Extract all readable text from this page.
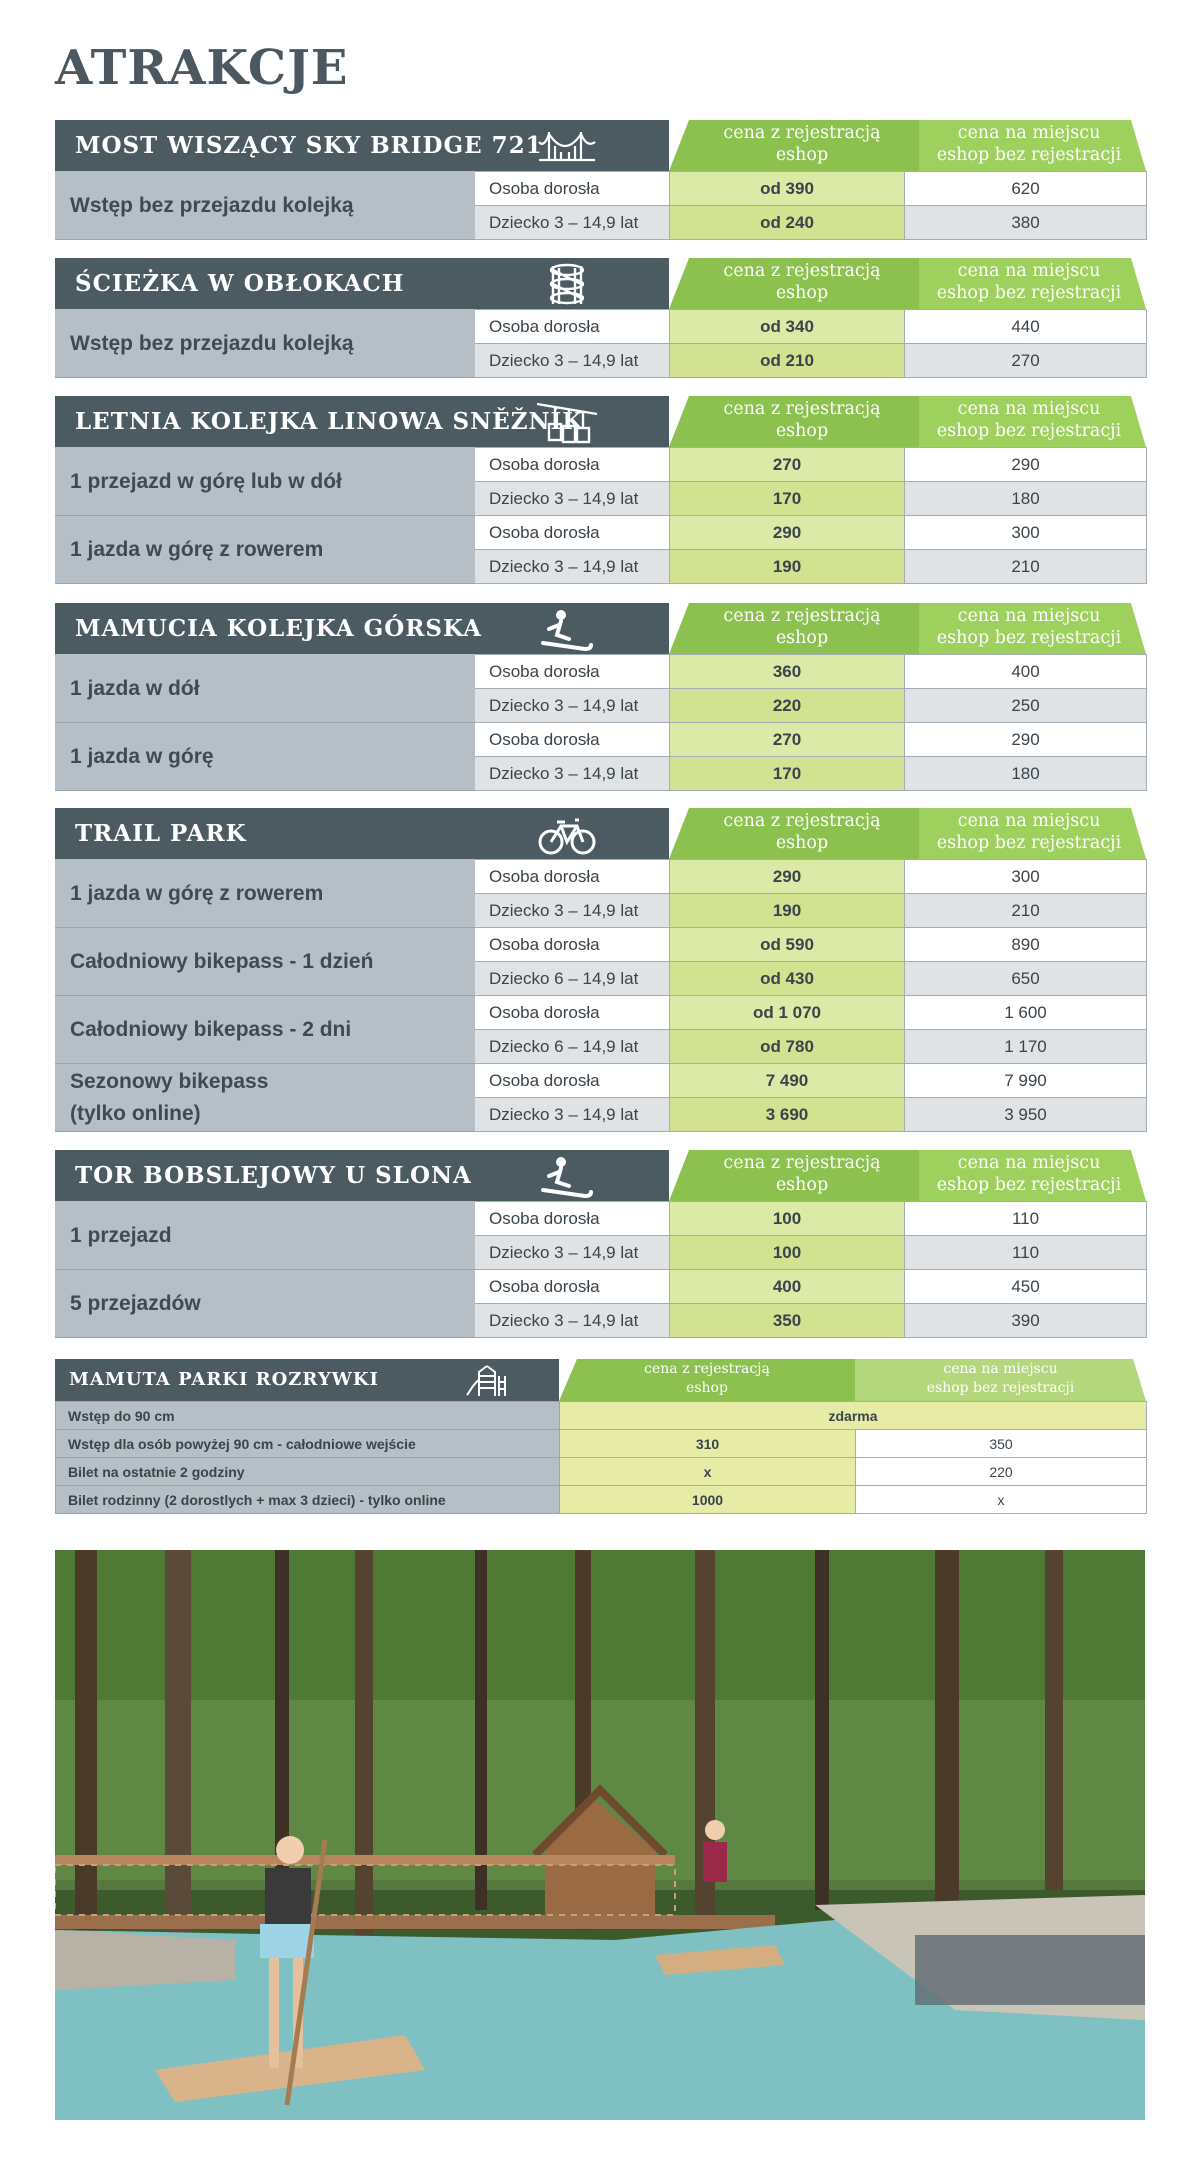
ATRAKCJE
MOST WISZĄCY SKY BRIDGE 721	cena z rejestracją
eshop
cena na miejscu
eshop bez rejestracji
Wstęp bez przejazdu kolejką	Osoba dorosła	od 390	620
	Dziecko 3 – 14,9 lat	od 240	380
ŚCIEŻKA W OBŁOKACH	cena z rejestracją
eshop
cena na miejscu
eshop bez rejestracji
Wstęp bez przejazdu kolejką	Osoba dorosła	od 340	440
	Dziecko 3 – 14,9 lat	od 210	270
LETNIA KOLEJKA LINOWA SNĚŽNÍK	cena z rejestracją
eshop
cena na miejscu
eshop bez rejestracji
1 przejazd w górę lub w dół	Osoba dorosła	270	290
	Dziecko 3 – 14,9 lat	170	180

1 jazda w górę z rowerem	Osoba dorosła	290	300
	Dziecko 3 – 14,9 lat	190	210
MAMUCIA KOLEJKA GÓRSKA	cena z rejestracją
eshop
cena na miejscu
eshop bez rejestracji
1 jazda w dół	Osoba dorosła	360	400
	Dziecko 3 – 14,9 lat	220	250

1 jazda w górę	Osoba dorosła	270	290
	Dziecko 3 – 14,9 lat	170	180
TRAIL PARK	cena z rejestracją
eshop
cena na miejscu
eshop bez rejestracji
1 jazda w górę z rowerem	Osoba dorosła	290	300
	Dziecko 3 – 14,9 lat	190	210

Całodniowy bikepass - 1 dzień	Osoba dorosła	od 590	890
	Dziecko 6 – 14,9 lat	od 430	650

Całodniowy bikepass - 2 dni	Osoba dorosła	od 1 070	1 600
	Dziecko 6 – 14,9 lat	od 780	1 170

Sezonowy bikepass
(tylko online)	Osoba dorosła	7 490	7 990
	Dziecko 3 – 14,9 lat	3 690	3 950
TOR BOBSLEJOWY U SLONA	cena z rejestracją
eshop
cena na miejscu
eshop bez rejestracji
1 przejazd	Osoba dorosła	100	110
	Dziecko 3 – 14,9 lat	100	110

5 przejazdów	Osoba dorosła	400	450
	Dziecko 3 – 14,9 lat	350	390
MAMUTA PARKI ROZRYWKI	cena z rejestracją
eshop
cena na miejscu
eshop bez rejestracji
Wstęp do 90 cm	zdarma	
Wstęp dla osób powyżej 90 cm - całodniowe wejście	310	350
Bilet na ostatnie 2 godziny	x	220
Bilet rodzinny (2 dorostlych + max 3 dzieci) - tylko online	1000	x
